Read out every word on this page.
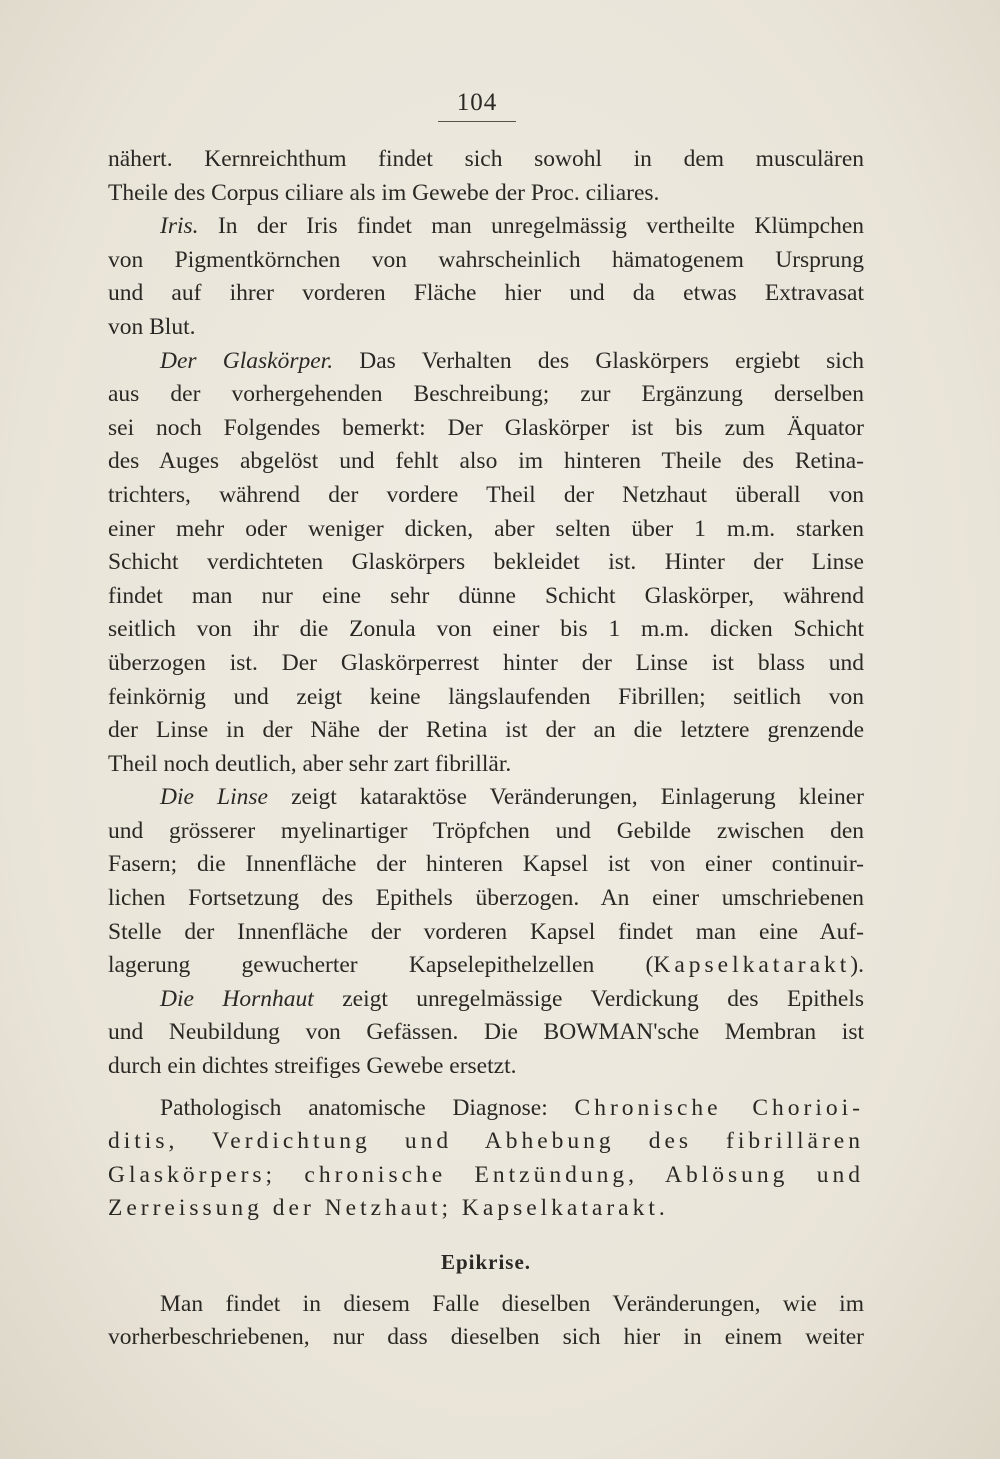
104
nähert. Kernreichthum findet sich sowohl in dem musculären
Theile des Corpus ciliare als im Gewebe der Proc. ciliares.
Iris. In der Iris findet man unregelmässig vertheilte Klümpchen
von Pigmentkörnchen von wahrscheinlich hämatogenem Ursprung
und auf ihrer vorderen Fläche hier und da etwas Extravasat
von Blut.
Der Glaskörper. Das Verhalten des Glaskörpers ergiebt sich
aus der vorhergehenden Beschreibung; zur Ergänzung derselben
sei noch Folgendes bemerkt: Der Glaskörper ist bis zum Äquator
des Auges abgelöst und fehlt also im hinteren Theile des Retina-
trichters, während der vordere Theil der Netzhaut überall von
einer mehr oder weniger dicken, aber selten über 1 m.m. starken
Schicht verdichteten Glaskörpers bekleidet ist. Hinter der Linse
findet man nur eine sehr dünne Schicht Glaskörper, während
seitlich von ihr die Zonula von einer bis 1 m.m. dicken Schicht
überzogen ist. Der Glaskörperrest hinter der Linse ist blass und
feinkörnig und zeigt keine längslaufenden Fibrillen; seitlich von
der Linse in der Nähe der Retina ist der an die letztere grenzende
Theil noch deutlich, aber sehr zart fibrillär.
Die Linse zeigt kataraktöse Veränderungen, Einlagerung kleiner
und grösserer myelinartiger Tröpfchen und Gebilde zwischen den
Fasern; die Innenfläche der hinteren Kapsel ist von einer continuir-
lichen Fortsetzung des Epithels überzogen. An einer umschriebenen
Stelle der Innenfläche der vorderen Kapsel findet man eine Auf-
lagerung gewucherter Kapselepithelzellen (Kapselkatarakt).
Die Hornhaut zeigt unregelmässige Verdickung des Epithels
und Neubildung von Gefässen. Die BOWMAN'sche Membran ist
durch ein dichtes streifiges Gewebe ersetzt.
Pathologisch anatomische Diagnose: Chronische Chorioi-
ditis, Verdichtung und Abhebung des fibrillären
Glaskörpers; chronische Entzündung, Ablösung und
Zerreissung der Netzhaut; Kapselkatarakt.
Epikrise.
Man findet in diesem Falle dieselben Veränderungen, wie im
vorherbeschriebenen, nur dass dieselben sich hier in einem weiter
